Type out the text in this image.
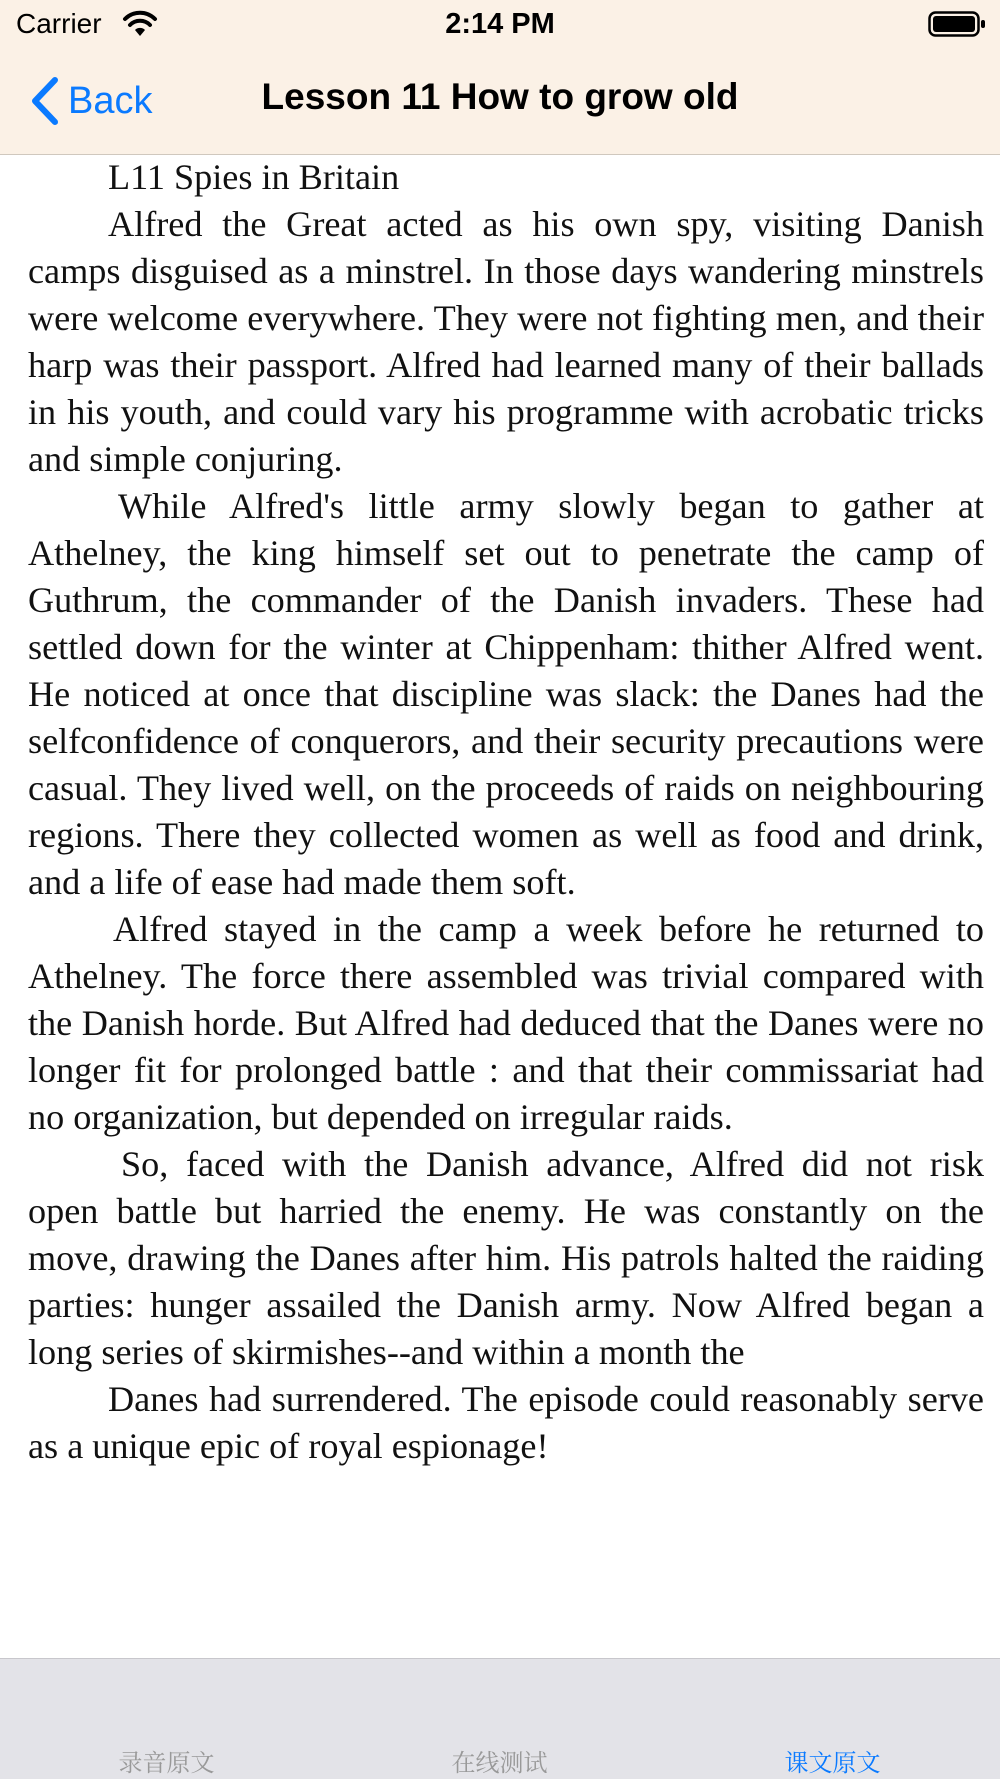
Carrier	2:14 PM
Back	Lesson 11 How to grow old

L11 Spies in Britain

Alfred the Great acted as his own spy, visiting Danish camps disguised as a minstrel. In those days wandering minstrels were welcome everywhere. They were not fighting men, and their harp was their passport. Alfred had learned many of their ballads in his youth, and could vary his programme with acrobatic tricks and simple conjuring.

While Alfred's little army slowly began to gather at Athelney, the king himself set out to penetrate the camp of Guthrum, the commander of the Danish invaders. These had settled down for the winter at Chippenham: thither Alfred went. He noticed at once that discipline was slack: the Danes had the selfconfidence of conquerors, and their security precautions were casual. They lived well, on the proceeds of raids on neighbouring regions. There they collected women as well as food and drink, and a life of ease had made them soft.

Alfred stayed in the camp a week before he returned to Athelney. The force there assembled was trivial compared with the Danish horde. But Alfred had deduced that the Danes were no longer fit for prolonged battle : and that their commissariat had no organization, but depended on irregular raids.

So, faced with the Danish advance, Alfred did not risk open battle but harried the enemy. He was constantly on the move, drawing the Danes after him. His patrols halted the raiding parties: hunger assailed the Danish army. Now Alfred began a long series of skirmishes--and within a month the

Danes had surrendered. The episode could reasonably serve as a unique epic of royal espionage!

录音原文	在线测试	课文原文
